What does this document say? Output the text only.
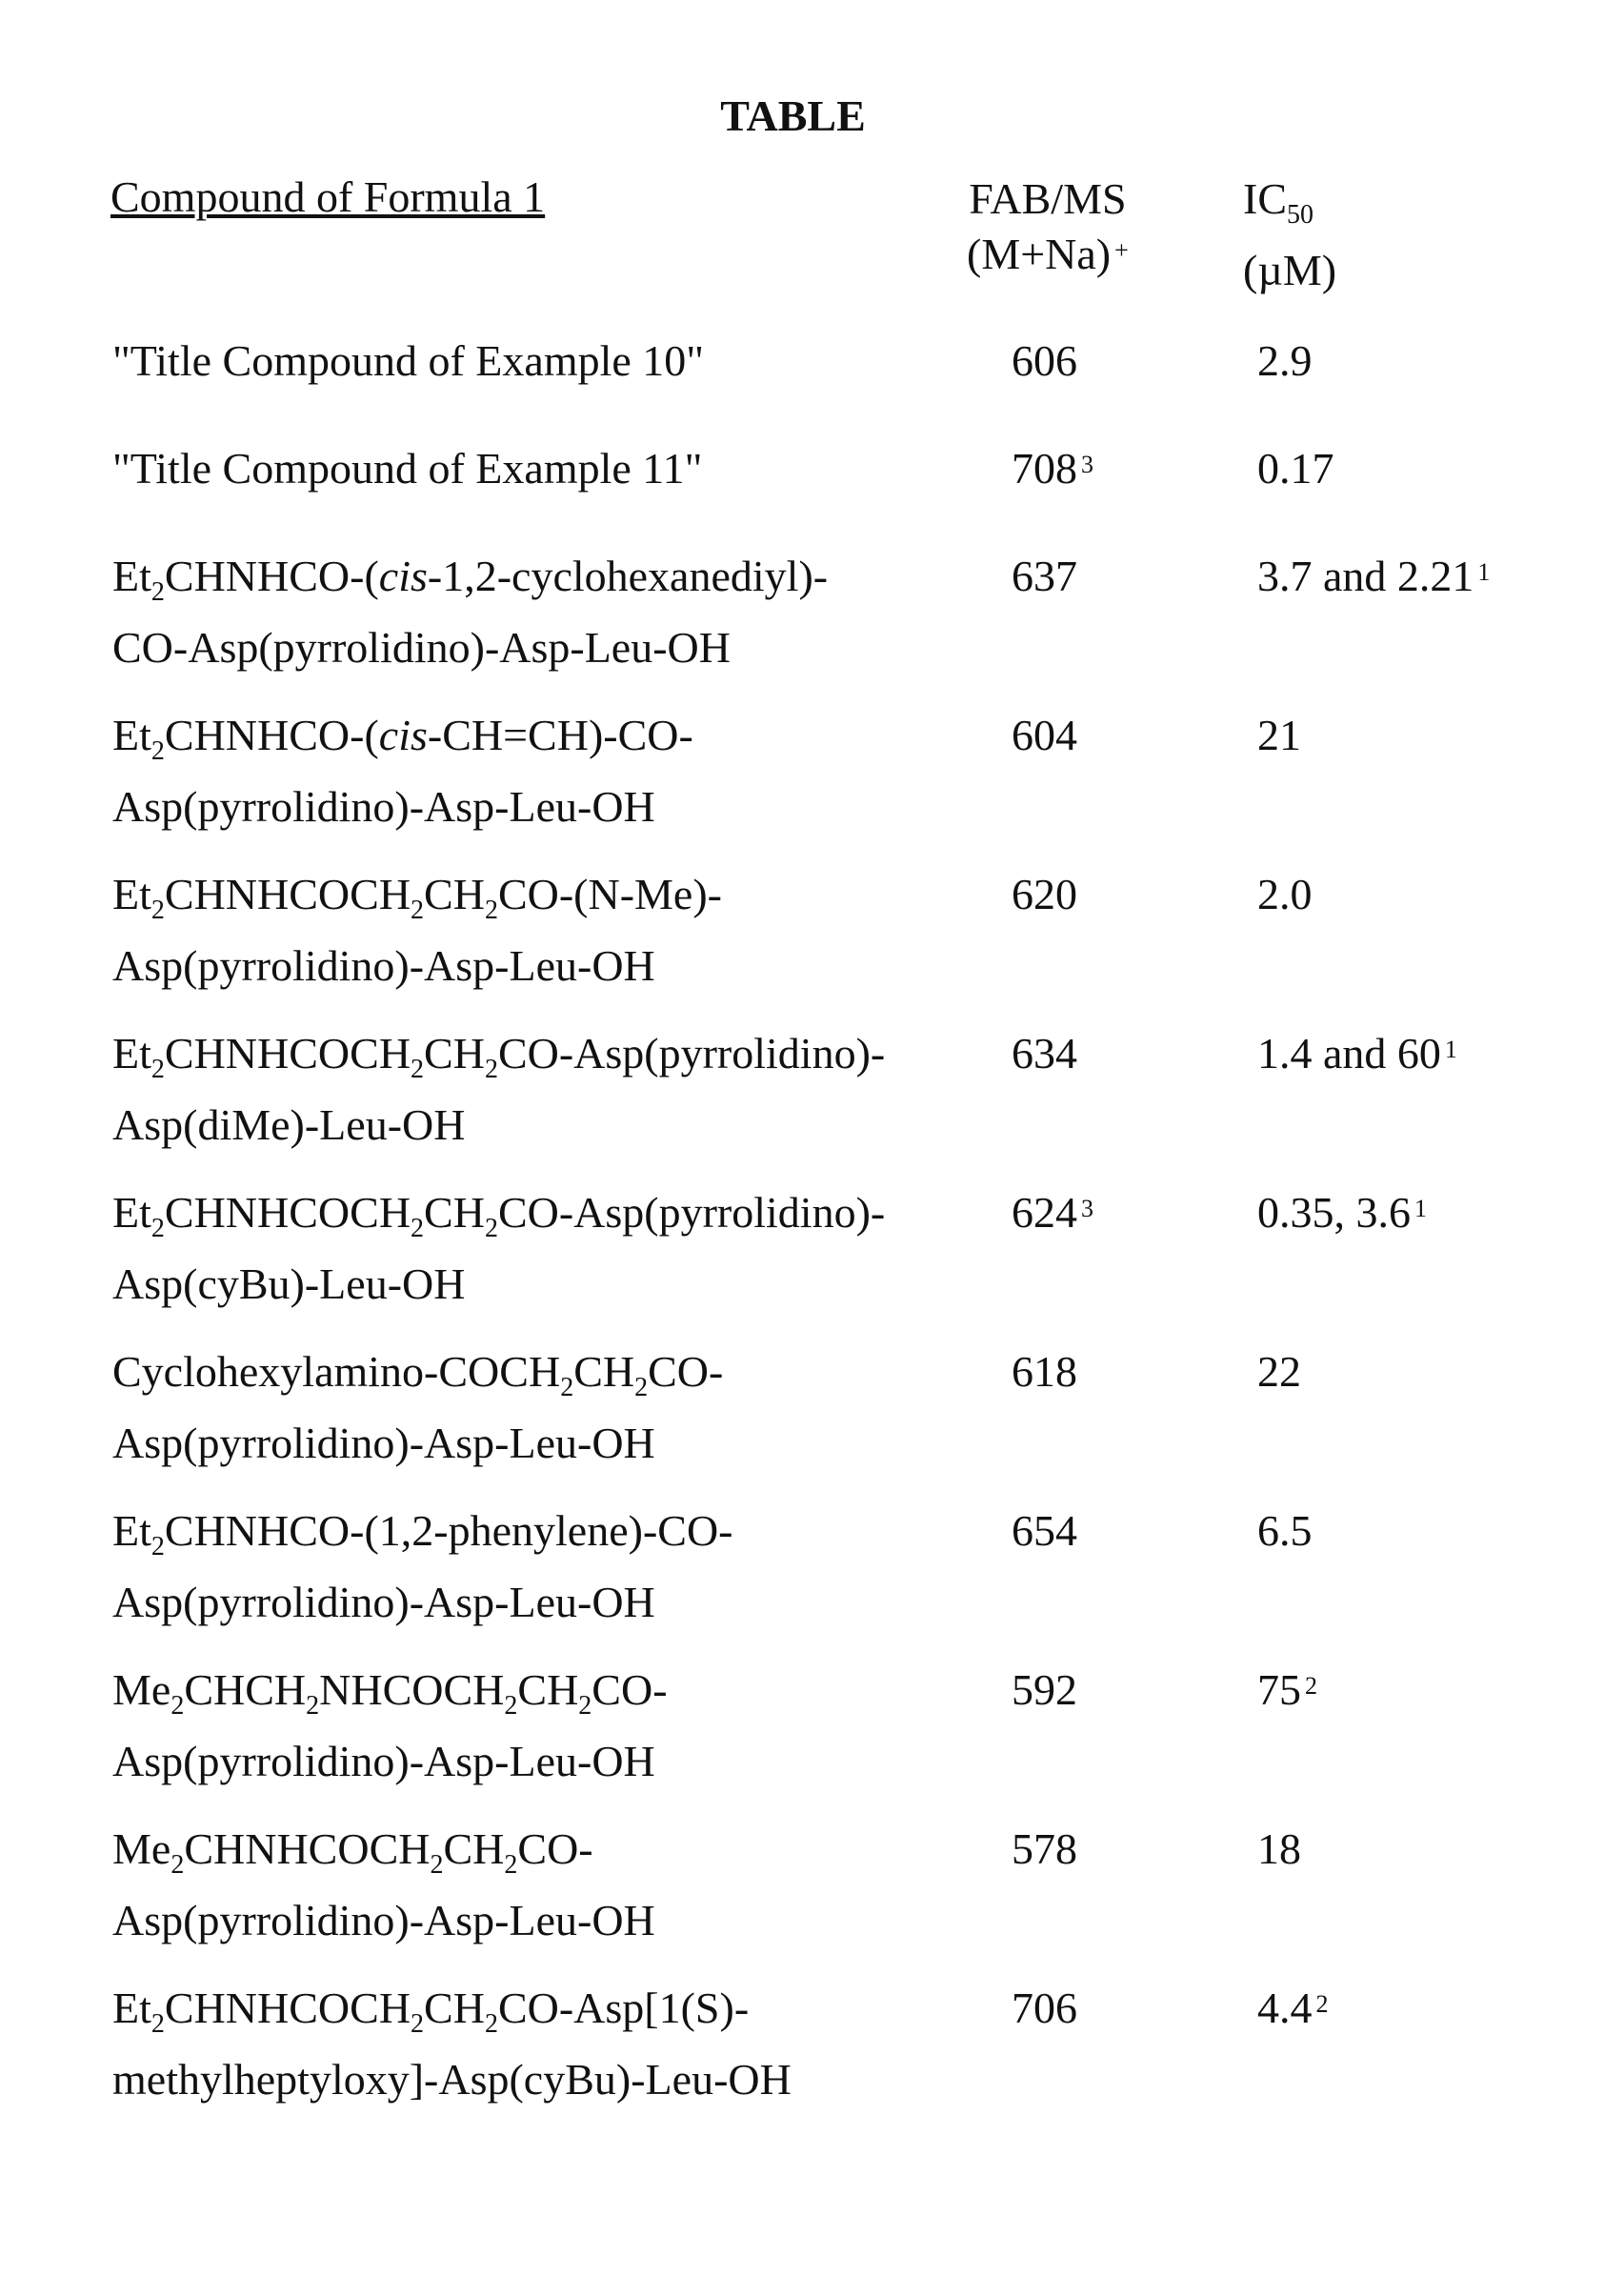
TABLE
Compound of Formula 1	FAB/MS
(M+Na) +
IC50
(µM)
"Title Compound of Example 10"	606	2.9
"Title Compound of Example 11"	708 3	0.17
Et2CHNHCO-(cis-1,2-cyclohexanediyl)-
CO-Asp(pyrrolidino)-Asp-Leu-OH
637	3.7 and 2.21 1
Et2CHNHCO-(cis-CH=CH)-CO-
Asp(pyrrolidino)-Asp-Leu-OH
604	21
Et2CHNHCOCH2CH2CO-(N-Me)-
Asp(pyrrolidino)-Asp-Leu-OH
620	2.0
Et2CHNHCOCH2CH2CO-Asp(pyrrolidino)-
Asp(diMe)-Leu-OH
634	1.4 and 60 1
Et2CHNHCOCH2CH2CO-Asp(pyrrolidino)-
Asp(cyBu)-Leu-OH
624 3	0.35, 3.6 1
Cyclohexylamino-COCH2CH2CO-
Asp(pyrrolidino)-Asp-Leu-OH
618	22
Et2CHNHCO-(1,2-phenylene)-CO-
Asp(pyrrolidino)-Asp-Leu-OH
654	6.5
Me2CHCH2NHCOCH2CH2CO-
Asp(pyrrolidino)-Asp-Leu-OH
592	75 2
Me2CHNHCOCH2CH2CO-
Asp(pyrrolidino)-Asp-Leu-OH
578	18
Et2CHNHCOCH2CH2CO-Asp[1(S)-
methylheptyloxy]-Asp(cyBu)-Leu-OH
706	4.4 2
